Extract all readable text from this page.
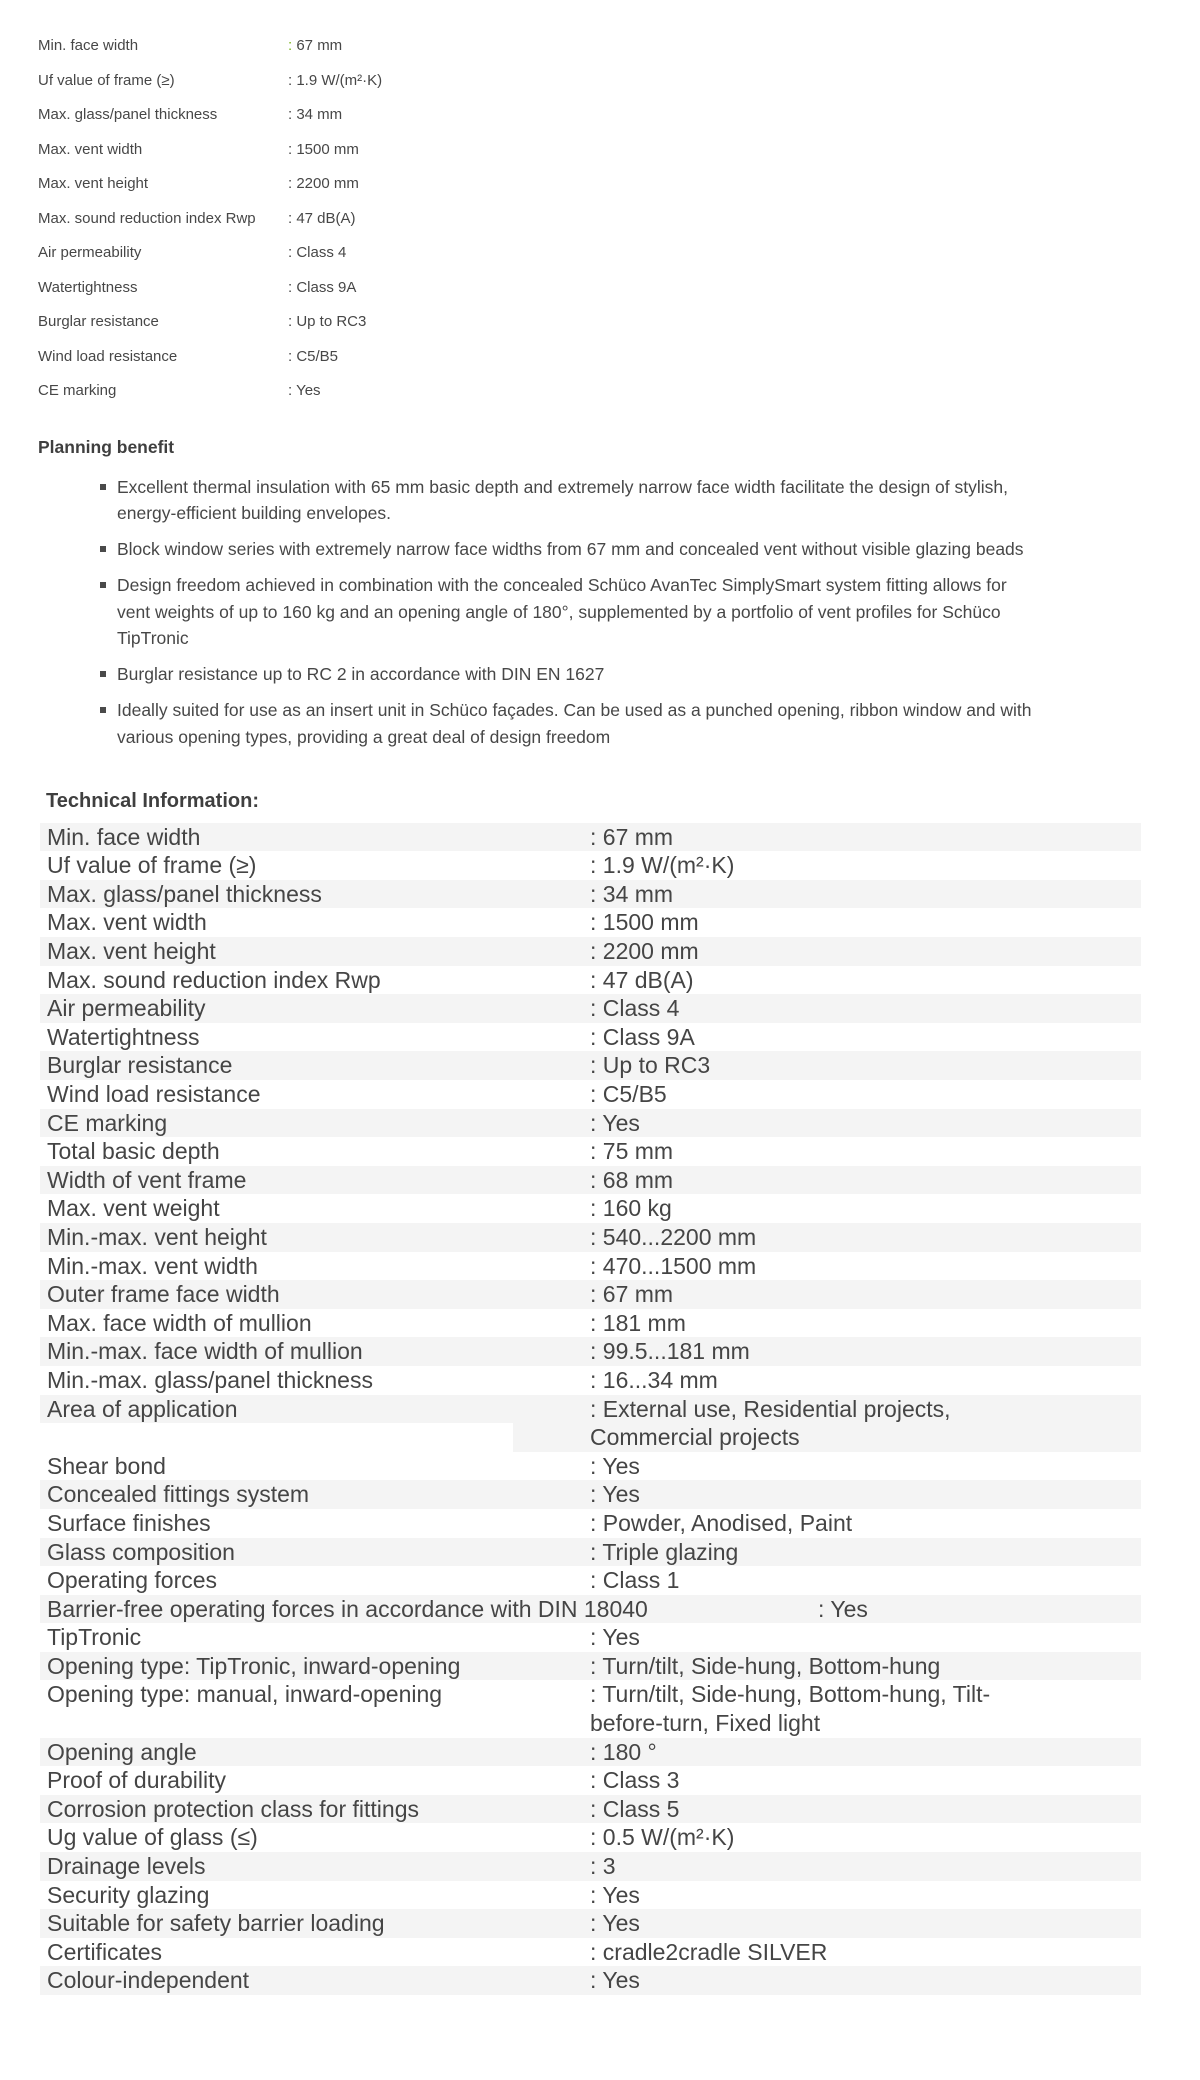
Min. face width	: 67 mm
Uf value of frame (≥)	: 1.9 W/(m²·K)
Max. glass/panel thickness	: 34 mm
Max. vent width	: 1500 mm
Max. vent height	: 2200 mm
Max. sound reduction index Rwp : 47 dB(A)
Air permeability	: Class 4
Watertightness	: Class 9A
Burglar resistance	: Up to RC3
Wind load resistance	: C5/B5
CE marking	: Yes
Planning benefit
Excellent thermal insulation with 65 mm basic depth and extremely narrow face width facilitate the design of stylish, energy-efficient building envelopes.
Block window series with extremely narrow face widths from 67 mm and concealed vent without visible glazing beads
Design freedom achieved in combination with the concealed Schüco AvanTec SimplySmart system fitting allows for vent weights of up to 160 kg and an opening angle of 180°, supplemented by a portfolio of vent profiles for Schüco TipTronic
Burglar resistance up to RC 2 in accordance with DIN EN 1627
Ideally suited for use as an insert unit in Schüco façades. Can be used as a punched opening, ribbon window and with various opening types, providing a great deal of design freedom
Technical Information:
Min. face width	: 67 mm
Uf value of frame (≥)	: 1.9 W/(m²·K)
Max. glass/panel thickness	: 34 mm
Max. vent width	: 1500 mm
Max. vent height	: 2200 mm
Max. sound reduction index Rwp	: 47 dB(A)
Air permeability	: Class 4
Watertightness	: Class 9A
Burglar resistance	: Up to RC3
Wind load resistance	: C5/B5
CE marking	: Yes
Total basic depth	: 75 mm
Width of vent frame	: 68 mm
Max. vent weight	: 160 kg
Min.-max. vent height	: 540...2200 mm
Min.-max. vent width	: 470...1500 mm
Outer frame face width	: 67 mm
Max. face width of mullion	: 181 mm
Min.-max. face width of mullion	: 99.5...181 mm
Min.-max. glass/panel thickness	: 16...34 mm
Area of application	: External use, Residential projects, Commercial projects
Shear bond	: Yes
Concealed fittings system	: Yes
Surface finishes	: Powder, Anodised, Paint
Glass composition	: Triple glazing
Operating forces	: Class 1
Barrier-free operating forces in accordance with DIN 18040	: Yes
TipTronic	: Yes
Opening type: TipTronic, inward-opening	: Turn/tilt, Side-hung, Bottom-hung
Opening type: manual, inward-opening	: Turn/tilt, Side-hung, Bottom-hung, Tilt-before-turn, Fixed light
Opening angle	: 180 °
Proof of durability	: Class 3
Corrosion protection class for fittings	: Class 5
Ug value of glass (≤)	: 0.5 W/(m²·K)
Drainage levels	: 3
Security glazing	: Yes
Suitable for safety barrier loading	: Yes
Certificates	: cradle2cradle SILVER
Colour-independent	: Yes
